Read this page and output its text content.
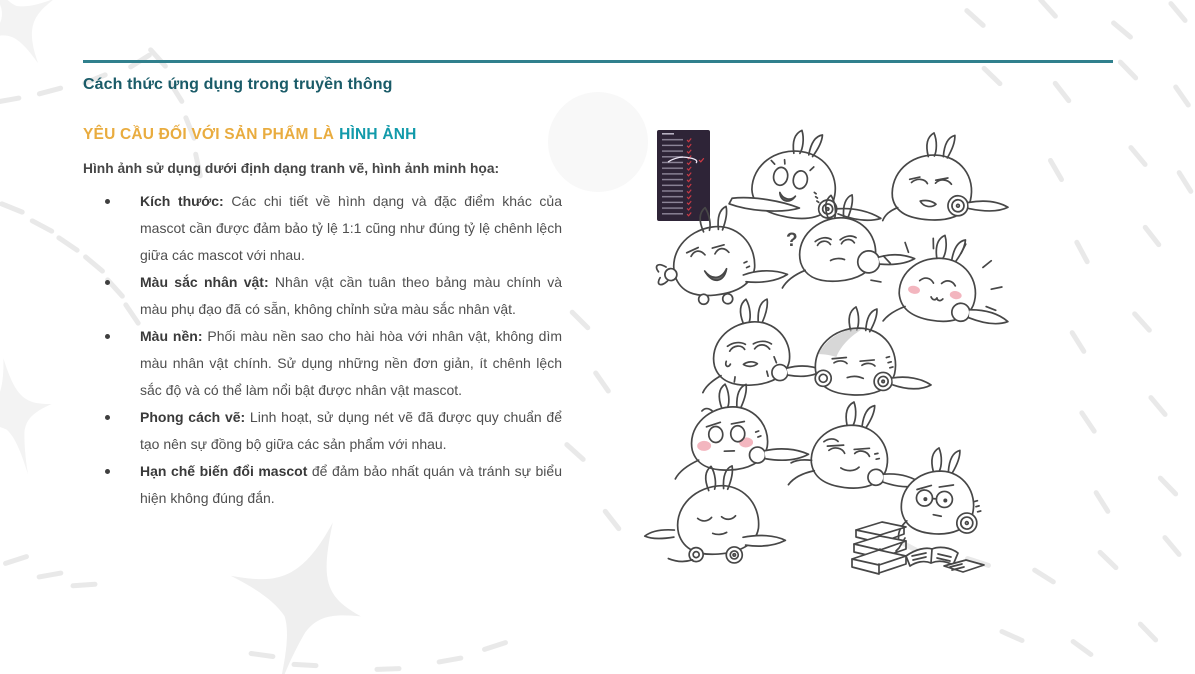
Cách thức ứng dụng trong truyền thông
YÊU CẦU ĐỐI VỚI SẢN PHẨM LÀ HÌNH ẢNH
Hình ảnh sử dụng dưới định dạng tranh vẽ, hình ảnh minh họa:

Kích thước: Các chi tiết về hình dạng và đặc điểm khác của mascot cần được đảm bảo tỷ lệ 1:1 cũng như đúng tỷ lệ chênh lệch giữa các mascot với nhau.

Màu sắc nhân vật: Nhân vật cần tuân theo bảng màu chính và màu phụ đạo đã có sẵn, không chỉnh sửa màu sắc nhân vật.

Màu nền: Phối màu nền sao cho hài hòa với nhân vật, không dìm màu nhân vật chính. Sử dụng những nền đơn giản, ít chênh lệch sắc độ và có thể làm nổi bật được nhân vật mascot.

Phong cách vẽ: Linh hoạt, sử dụng nét vẽ đã được quy chuẩn để tạo nên sự đồng bộ giữa các sản phẩm với nhau.

Hạn chế biến đổi mascot để đảm bảo nhất quán và tránh sự biểu hiện không đúng đắn.

?
